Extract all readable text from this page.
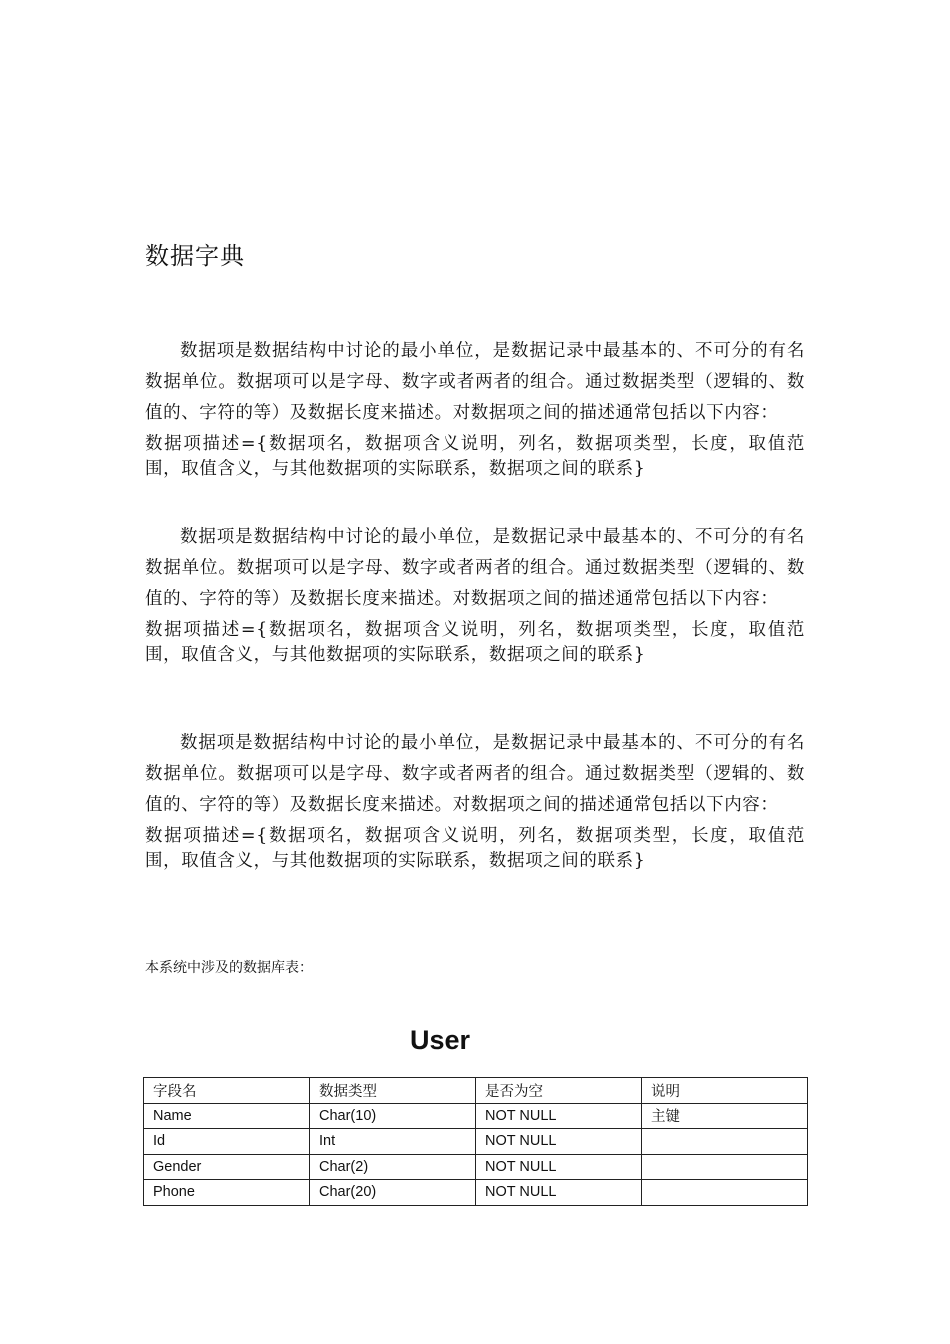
数据字典

数据项是数据结构中讨论的最小单位，是数据记录中最基本的、不可分的有名数据单位。数据项可以是字母、数字或者两者的组合。通过数据类型（逻辑的、数值的、字符的等）及数据长度来描述。对数据项之间的描述通常包括以下内容：

数据项描述={数据项名，数据项含义说明，列名，数据项类型，长度，取值范围，取值含义，与其他数据项的实际联系，数据项之间的联系}

数据项是数据结构中讨论的最小单位，是数据记录中最基本的、不可分的有名数据单位。数据项可以是字母、数字或者两者的组合。通过数据类型（逻辑的、数值的、字符的等）及数据长度来描述。对数据项之间的描述通常包括以下内容：

数据项描述={数据项名，数据项含义说明，列名，数据项类型，长度，取值范围，取值含义，与其他数据项的实际联系，数据项之间的联系}

数据项是数据结构中讨论的最小单位，是数据记录中最基本的、不可分的有名数据单位。数据项可以是字母、数字或者两者的组合。通过数据类型（逻辑的、数值的、字符的等）及数据长度来描述。对数据项之间的描述通常包括以下内容：

数据项描述={数据项名，数据项含义说明，列名，数据项类型，长度，取值范围，取值含义，与其他数据项的实际联系，数据项之间的联系}

本系统中涉及的数据库表：

User
字段名	数据类型	是否为空	说明
Name	Char(10)	NOT NULL	主键
Id	Int	NOT NULL	
Gender	Char(2)	NOT NULL	
Phone	Char(20)	NOT NULL	
